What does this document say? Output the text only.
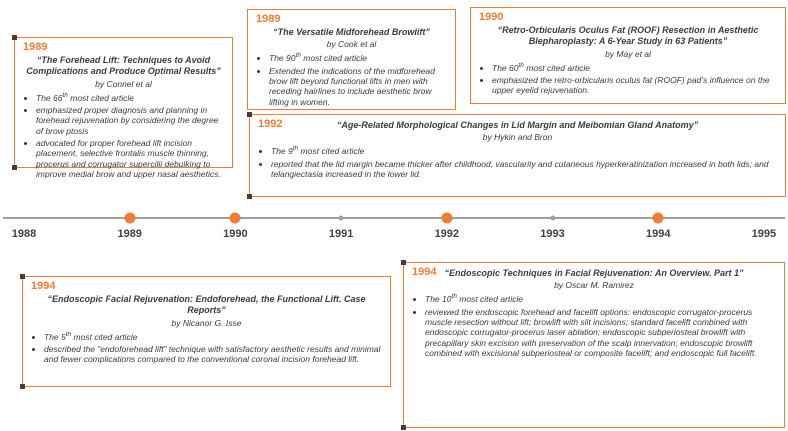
1989
“The Forehead Lift: Techniques to Avoid Complications and Produce Optimal Results”
by Connel et al
• The 66th most cited article
• emphasized proper diagnosis and planning in forehead rejuvenation by considering the degree of brow ptosis
• advocated for proper forehead lift incision placement, selective frontalis muscle thinning, procerus and corrugator supercilii debulking to improve medial brow and upper nasal aesthetics.
1989
“The Versatile Midforehead Browlift”
by Cook et al
• The 90th most cited article
• Extended the indications of the midforehead brow lift beyond functional lifts in men with receding hairlines to include aesthetic brow lifting in women.
1990
“Retro-Orbicularis Oculus Fat (ROOF) Resection in Aesthetic Blepharoplasty: A 6-Year Study in 63 Patients”
by May et al
• The 60th most cited article
• emphasized the retro-orbicularis oculus fat (ROOF) pad’s influence on the upper eyelid rejuvenation.
1992	“Age-Related Morphological Changes in Lid Margin and Meibomian Gland Anatomy”
by Hykin and Bron
• The 9th most cited article
• reported that the lid margin became thicker after childhood, vascularity and cutaneous hyperkeratinization increased in both lids; and telangiectasia increased in the lower lid.
1988	1989	1990	1991	1992	1993	1994	1995
1994
“Endoscopic Facial Rejuvenation: Endoforehead, the Functional Lift. Case Reports”
by Nicanor G. Isse
• The 5th most cited article
• described the “endoforehead lift” technique with satisfactory aesthetic results and minimal and fewer complications compared to the conventional coronal incision forehead lift.
1994 “Endoscopic Techniques in Facial Rejuvenation: An Overview. Part 1”
by Oscar M. Ramirez
• The 10th most cited article
• reviewed the endoscopic forehead and facelift options: endoscopic corrugator-procerus muscle resection without lift; browlift with slit incisions; standard facelift combined with endoscopic corrugator-procerus laser ablation; endoscopic subperiosteal browlift with precapillary skin excision with preservation of the scalp innervation; endoscopic browlift combined with excisional subperiosteal or composite facelift; and endoscopic full facelift.
